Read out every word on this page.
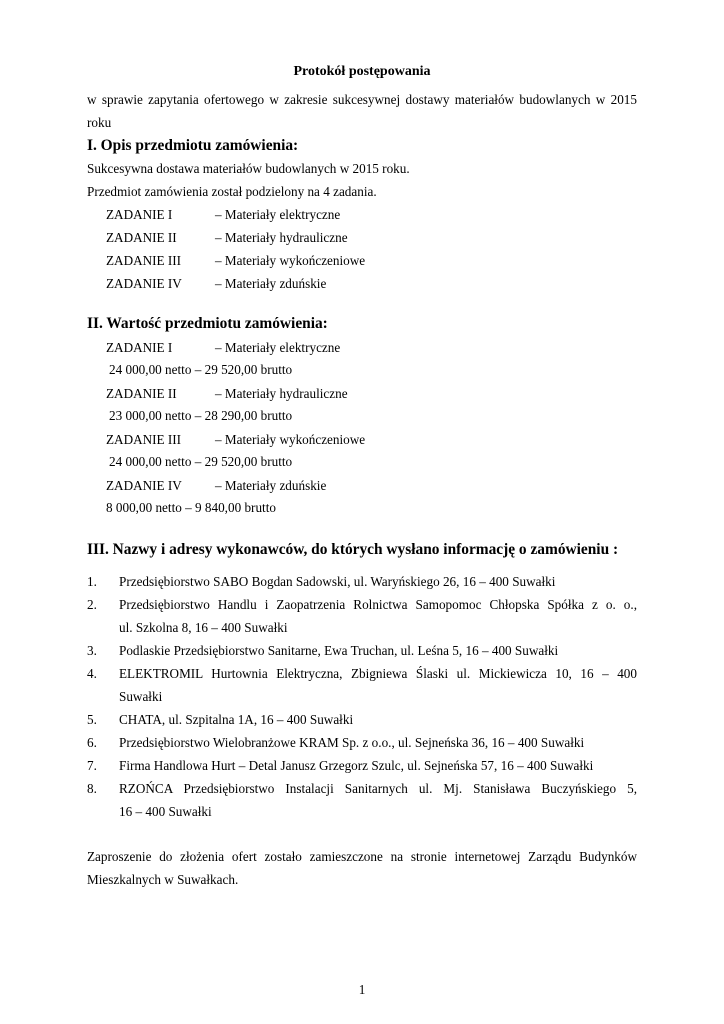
Protokół postępowania
w sprawie zapytania ofertowego w zakresie sukcesywnej dostawy materiałów budowlanych w 2015
roku
I. Opis przedmiotu zamówienia:
Sukcesywna dostawa materiałów budowlanych w 2015 roku.
Przedmiot zamówienia został podzielony na 4 zadania.
ZADANIE I	– Materiały elektryczne
ZADANIE II	– Materiały hydrauliczne
ZADANIE III	– Materiały wykończeniowe
ZADANIE IV	– Materiały zduńskie
II. Wartość przedmiotu zamówienia:
ZADANIE I	– Materiały elektryczne
24 000,00 netto – 29 520,00 brutto
ZADANIE II	– Materiały hydrauliczne
23 000,00 netto – 28 290,00 brutto
ZADANIE III	– Materiały wykończeniowe
24 000,00 netto – 29 520,00 brutto
ZADANIE IV	– Materiały zduńskie
8 000,00 netto – 9 840,00 brutto
III. Nazwy i adresy wykonawców, do których wysłano informację o zamówieniu :
1. Przedsiębiorstwo SABO Bogdan Sadowski, ul. Waryńskiego 26, 16 – 400 Suwałki
2. Przedsiębiorstwo Handlu i Zaopatrzenia Rolnictwa Samopomoc Chłopska Spółka z o. o.,
ul. Szkolna 8, 16 – 400 Suwałki
3. Podlaskie Przedsiębiorstwo Sanitarne, Ewa Truchan, ul. Leśna 5, 16 – 400 Suwałki
4. ELEKTROMIL Hurtownia Elektryczna, Zbigniewa Ślaski ul. Mickiewicza 10, 16 – 400
Suwałki
5. CHATA, ul. Szpitalna 1A, 16 – 400 Suwałki
6. Przedsiębiorstwo Wielobranżowe KRAM Sp. z o.o., ul. Sejneńska 36, 16 – 400 Suwałki
7. Firma Handlowa Hurt – Detal Janusz Grzegorz Szulc, ul. Sejneńska 57, 16 – 400 Suwałki
8. RZOŃCA Przedsiębiorstwo Instalacji Sanitarnych ul. Mj. Stanisława Buczyńskiego 5,
16 – 400 Suwałki
Zaproszenie do złożenia ofert zostało zamieszczone na stronie internetowej Zarządu Budynków
Mieszkalnych w Suwałkach.
1
